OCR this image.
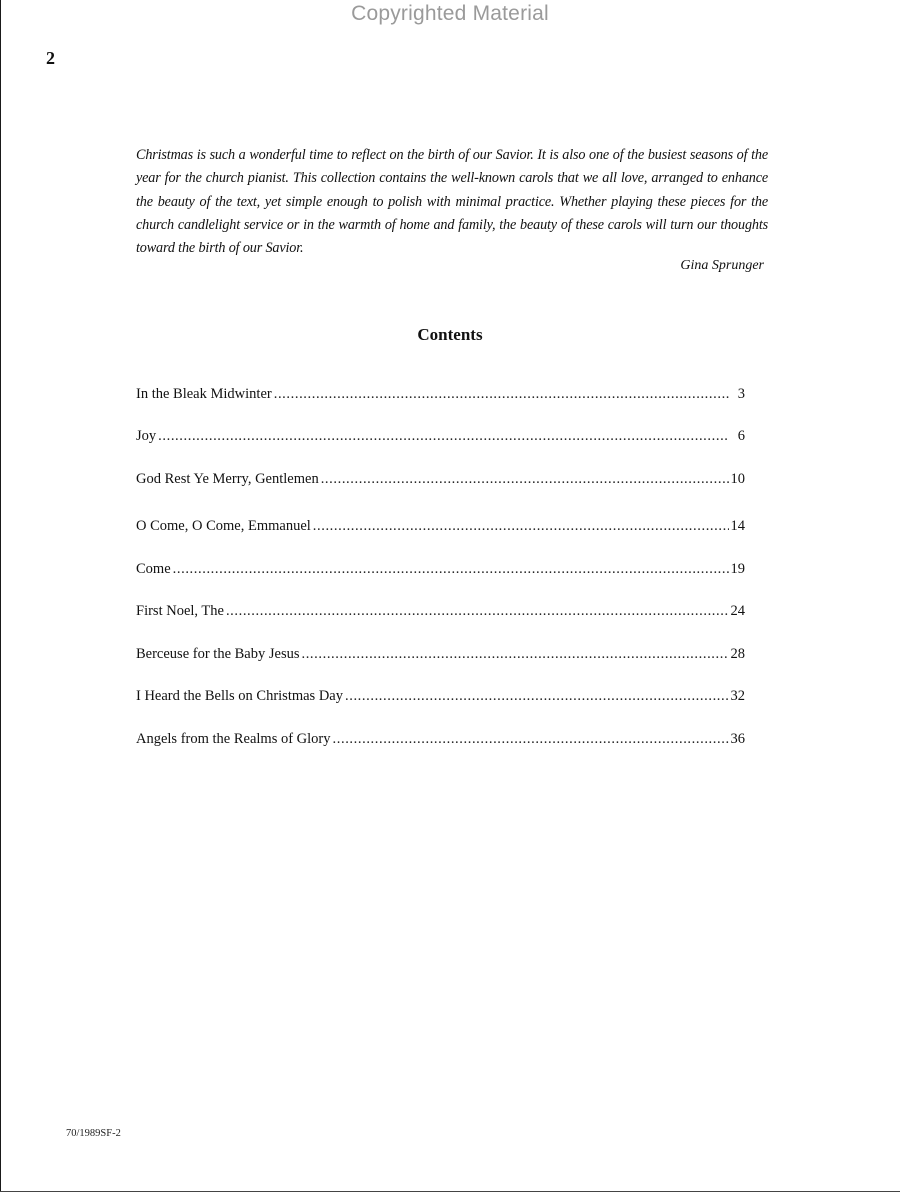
Copyrighted Material
2
Christmas is such a wonderful time to reflect on the birth of our Savior. It is also one of the busiest seasons of the year for the church pianist. This collection contains the well-known carols that we all love, arranged to enhance the beauty of the text, yet simple enough to polish with minimal practice. Whether playing these pieces for the church candlelight service or in the warmth of home and family, the beauty of these carols will turn our thoughts toward the birth of our Savior.
Gina Sprunger
Contents
In the Bleak Midwinter .....	3
Joy .....	6
God Rest Ye Merry, Gentlemen .....	10
O Come, O Come, Emmanuel .....	14
Come .....	19
First Noel, The .....	24
Berceuse for the Baby Jesus .....	28
I Heard the Bells on Christmas Day .....	32
Angels from the Realms of Glory .....	36
70/1989SF-2
